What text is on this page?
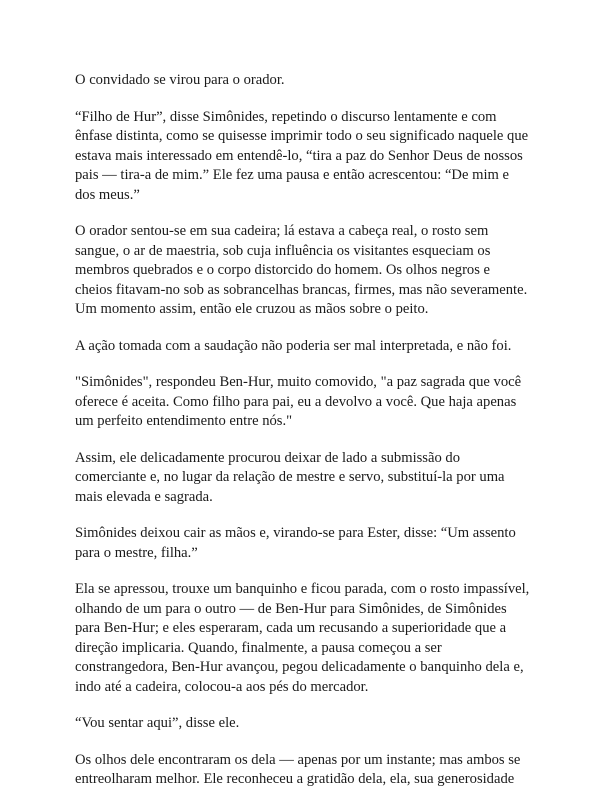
O convidado se virou para o orador.

“Filho de Hur”, disse Simônides, repetindo o discurso lentamente e com ênfase distinta, como se quisesse imprimir todo o seu significado naquele que estava mais interessado em entendê-lo, “tira a paz do Senhor Deus de nossos pais — tira-a de mim.” Ele fez uma pausa e então acrescentou: “De mim e dos meus.”

O orador sentou-se em sua cadeira; lá estava a cabeça real, o rosto sem sangue, o ar de maestria, sob cuja influência os visitantes esqueciam os membros quebrados e o corpo distorcido do homem. Os olhos negros e cheios fitavam-no sob as sobrancelhas brancas, firmes, mas não severamente. Um momento assim, então ele cruzou as mãos sobre o peito.

A ação tomada com a saudação não poderia ser mal interpretada, e não foi.

"Simônides", respondeu Ben-Hur, muito comovido, "a paz sagrada que você oferece é aceita. Como filho para pai, eu a devolvo a você. Que haja apenas um perfeito entendimento entre nós."

Assim, ele delicadamente procurou deixar de lado a submissão do comerciante e, no lugar da relação de mestre e servo, substituí-la por uma mais elevada e sagrada.

Simônides deixou cair as mãos e, virando-se para Ester, disse: “Um assento para o mestre, filha.”

Ela se apressou, trouxe um banquinho e ficou parada, com o rosto impassível, olhando de um para o outro — de Ben-Hur para Simônides, de Simônides para Ben-Hur; e eles esperaram, cada um recusando a superioridade que a direção implicaria. Quando, finalmente, a pausa começou a ser constrangedora, Ben-Hur avançou, pegou delicadamente o banquinho dela e, indo até a cadeira, colocou-a aos pés do mercador.

“Vou sentar aqui”, disse ele.

Os olhos dele encontraram os dela — apenas por um instante; mas ambos se entreolharam melhor. Ele reconheceu a gratidão dela, ela, sua generosidade
